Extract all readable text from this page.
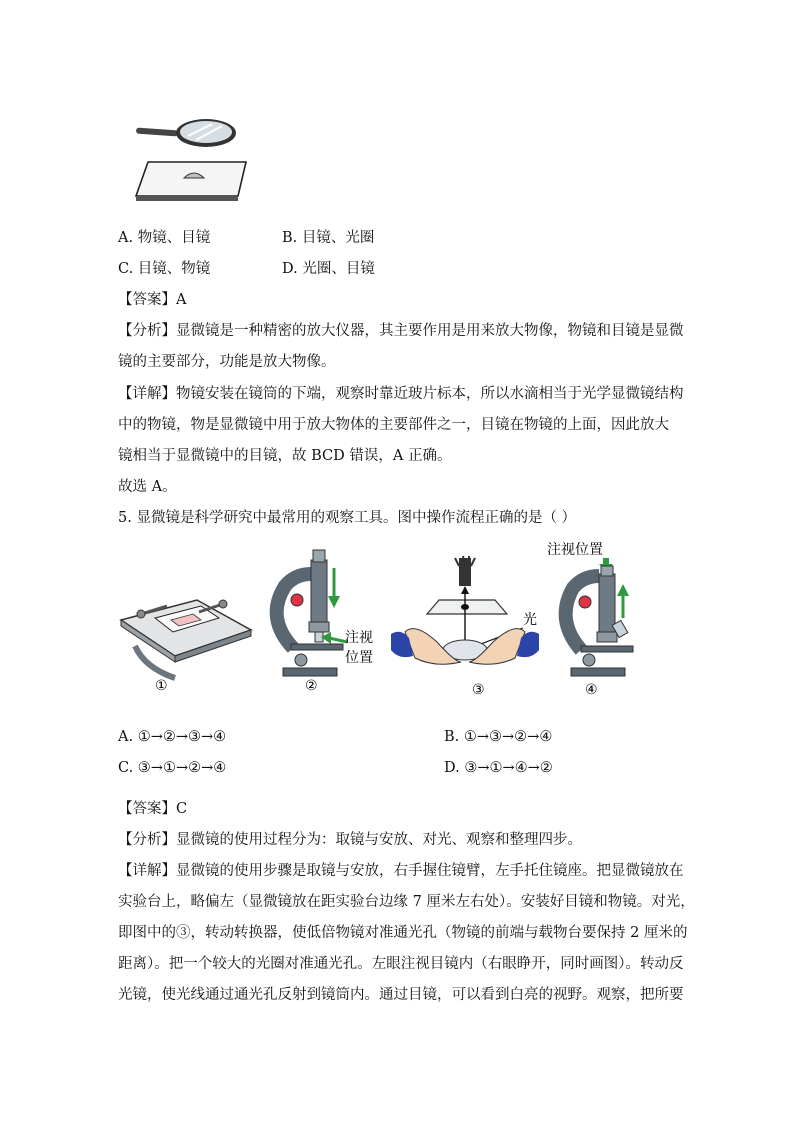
A. 物镜、目镜	B. 目镜、光圈
C. 目镜、物镜	D. 光圈、目镜
【答案】A
【分析】显微镜是一种精密的放大仪器，其主要作用是用来放大物像，物镜和目镜是显微
镜的主要部分，功能是放大物像。
【详解】物镜安装在镜筒的下端，观察时靠近玻片标本，所以水滴相当于光学显微镜结构
中的物镜，物是显微镜中用于放大物体的主要部件之一，目镜在物镜的上面，因此放大
镜相当于显微镜中的目镜，故 BCD 错误，A 正确。
故选 A。
5. 显微镜是科学研究中最常用的观察工具。图中操作流程正确的是（ ）
①
注视
位置
②
光
③
注视位置
④
A. ①→②→③→④	B. ①→③→②→④
C. ③→①→②→④	D. ③→①→④→②
【答案】C
【分析】显微镜的使用过程分为：取镜与安放、对光、观察和整理四步。
【详解】显微镜的使用步骤是取镜与安放，右手握住镜臂，左手托住镜座。把显微镜放在
实验台上，略偏左（显微镜放在距实验台边缘 7 厘米左右处）。安装好目镜和物镜。对光，
即图中的③，转动转换器，使低倍物镜对准通光孔（物镜的前端与载物台要保持 2 厘米的
距离）。把一个较大的光圈对准通光孔。左眼注视目镜内（右眼睁开，同时画图）。转动反
光镜，使光线通过通光孔反射到镜筒内。通过目镜，可以看到白亮的视野。观察，把所要
